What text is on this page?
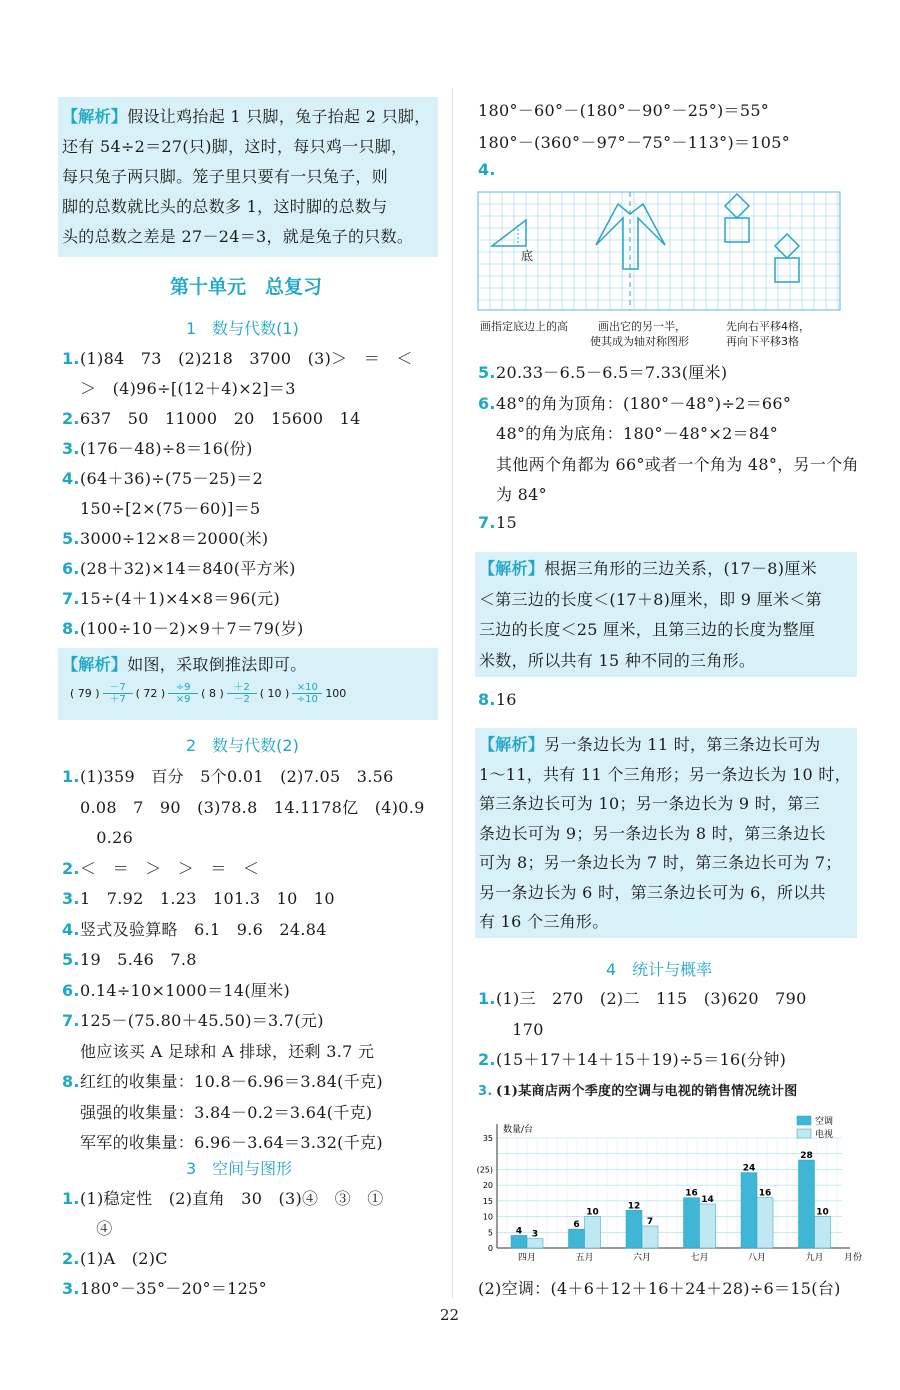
【解析】假设让鸡抬起 1 只脚，兔子抬起 2 只脚，
还有 54÷2＝27(只)脚，这时，每只鸡一只脚，
每只兔子两只脚。笼子里只要有一只兔子，则
脚的总数就比头的总数多 1，这时脚的总数与
头的总数之差是 27－24＝3，就是兔子的只数。
第十单元　总复习
1　数与代数(1)
1.(1)84　73　(2)218　3700　(3)＞　＝　＜
＞　(4)96÷[(12＋4)×2]＝3
2.637　50　11000　20　15600　14
3.(176－48)÷8＝16(份)
4.(64＋36)÷(75－25)＝2
150÷[2×(75－60)]＝5
5.3000÷12×8＝2000(米)
6.(28＋32)×14＝840(平方米)
7.15÷(4＋1)×4×8＝96(元)
8.(100÷10－2)×9＋7＝79(岁)
【解析】如图，采取倒推法即可。
( 79 ) $\frac{-7}{+7}$ ( 72 ) $\frac{\div 9}{\times 9}$ ( 8 ) $\frac{+2}{-2}$ ( 10 ) $\frac{\times 10}{\div 10} 100$
2　数与代数(2)
1.(1)359　百分　5个0.01　(2)7.05　3.56
0.08　7　90　(3)78.8　14.1178亿　(4)0.9
　0.26
2.＜　＝　＞　＞　＝　＜
3.1　7.92　1.23　101.3　10　10
4.竖式及验算略　6.1　9.6　24.84
5.19　5.46　7.8
6.0.14÷10×1000＝14(厘米)
7.125－(75.80＋45.50)＝3.7(元)
他应该买 A 足球和 A 排球，还剩 3.7 元
8.红红的收集量：10.8－6.96＝3.84(千克)
强强的收集量：3.84－0.2＝3.64(千克)
军军的收集量：6.96－3.64＝3.32(千克)
3　空间与图形
1.(1)稳定性　(2)直角　30　(3)④　③　①
　④
2.(1)A　(2)C
3.180°－35°－20°＝125°
180°－60°－(180°－90°－25°)＝55°
180°－(360°－97°－75°－113°)＝105°
4.
底
画指定底边上的高	画出它的另一半，
使其成为轴对称图形
先向右平移4格，
再向下平移3格
5.20.33－6.5－6.5＝7.33(厘米)
6.48°的角为顶角：(180°－48°)÷2＝66°
48°的角为底角：180°－48°×2＝84°
其他两个角都为 66°或者一个角为 48°，另一个角
为 84°
7.15
【解析】根据三角形的三边关系，(17－8)厘米
＜第三边的长度＜(17＋8)厘米，即 9 厘米＜第
三边的长度＜25 厘米，且第三边的长度为整厘
米数，所以共有 15 种不同的三角形。
8.16
【解析】另一条边长为 11 时，第三条边长可为
1～11，共有 11 个三角形；另一条边长为 10 时，
第三条边长可为 10；另一条边长为 9 时，第三
条边长可为 9；另一条边长为 8 时，第三条边长
可为 8；另一条边长为 7 时，第三条边长可为 7；
另一条边长为 6 时，第三条边长可为 6，所以共
有 16 个三角形。
4　统计与概率
1.(1)三　270　(2)二　115　(3)620　790
　170
2.(15＋17＋14＋15＋19)÷5＝16(分钟)
3. (1)某商店两个季度的空调与电视的销售情况统计图
35
(25)
20
15
10
5
0
数量/台
月份
4 3
四月
6
10
五月
12
7
六月
16
14
七月
24
16
八月
28
10
九月
空调
电视
(2)空调：(4＋6＋12＋16＋24＋28)÷6＝15(台)
22
